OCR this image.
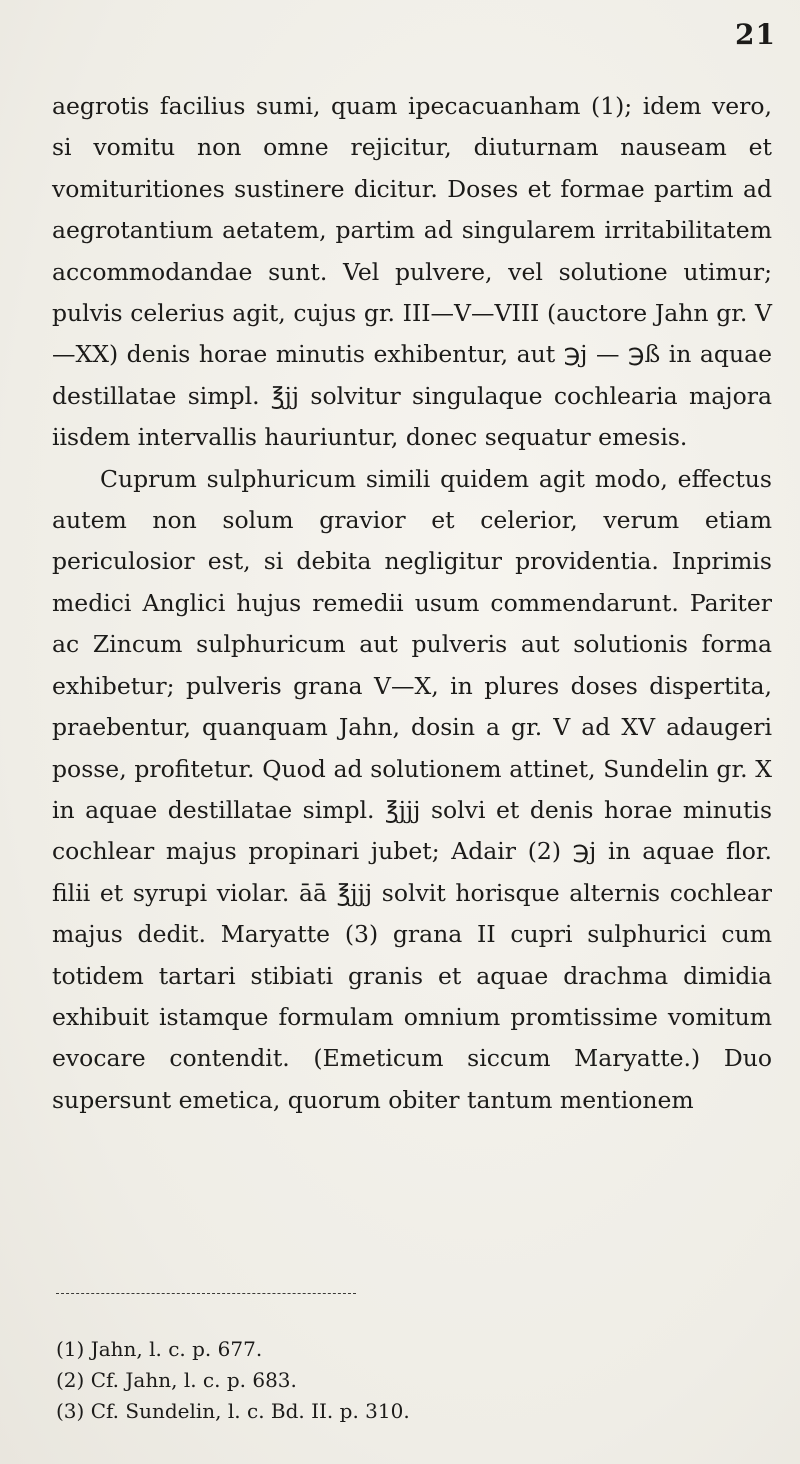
21

aegrotis facilius sumi, quam ipecacuanham (1); idem vero, si vomitu non omne rejicitur, diuturnam nauseam et vomituritiones sustinere dicitur. Doses et formae partim ad aegrotantium aetatem, partim ad singularem irritabilitatem accommodandae sunt. Vel pulvere, vel solutione utimur; pulvis celerius agit, cujus gr. III—V—VIII (auctore Jahn gr. V—XX) denis horae minutis exhibentur, aut ℈j — ℈ß in aquae destillatae simpl. ℥jj solvitur singulaque cochlearia majora iisdem intervallis hauriuntur, donec sequatur emesis.

Cuprum sulphuricum simili quidem agit modo, effectus autem non solum gravior et celerior, verum etiam periculosior est, si debita negligitur providentia. Inprimis medici Anglici hujus remedii usum commendarunt. Pariter ac Zincum sulphuricum aut pulveris aut solutionis forma exhibetur; pulveris grana V—X, in plures doses dispertita, praebentur, quanquam Jahn, dosin a gr. V ad XV adaugeri posse, profitetur. Quod ad solutionem attinet, Sundelin gr. X in aquae destillatae simpl. ℥jjj solvi et denis horae minutis cochlear majus propinari jubet; Adair (2) ℈j in aquae flor. filii et syrupi violar. āā ℥jjj solvit horisque alternis cochlear majus dedit. Maryatte (3) grana II cupri sulphurici cum totidem tartari stibiati granis et aquae drachma dimidia exhibuit istamque formulam omnium promtissime vomitum evocare contendit. (Emeticum siccum Maryatte.) Duo supersunt emetica, quorum obiter tantum mentionem

(1) Jahn, l. c. p. 677.
(2) Cf. Jahn, l. c. p. 683.
(3) Cf. Sundelin, l. c. Bd. II. p. 310.
